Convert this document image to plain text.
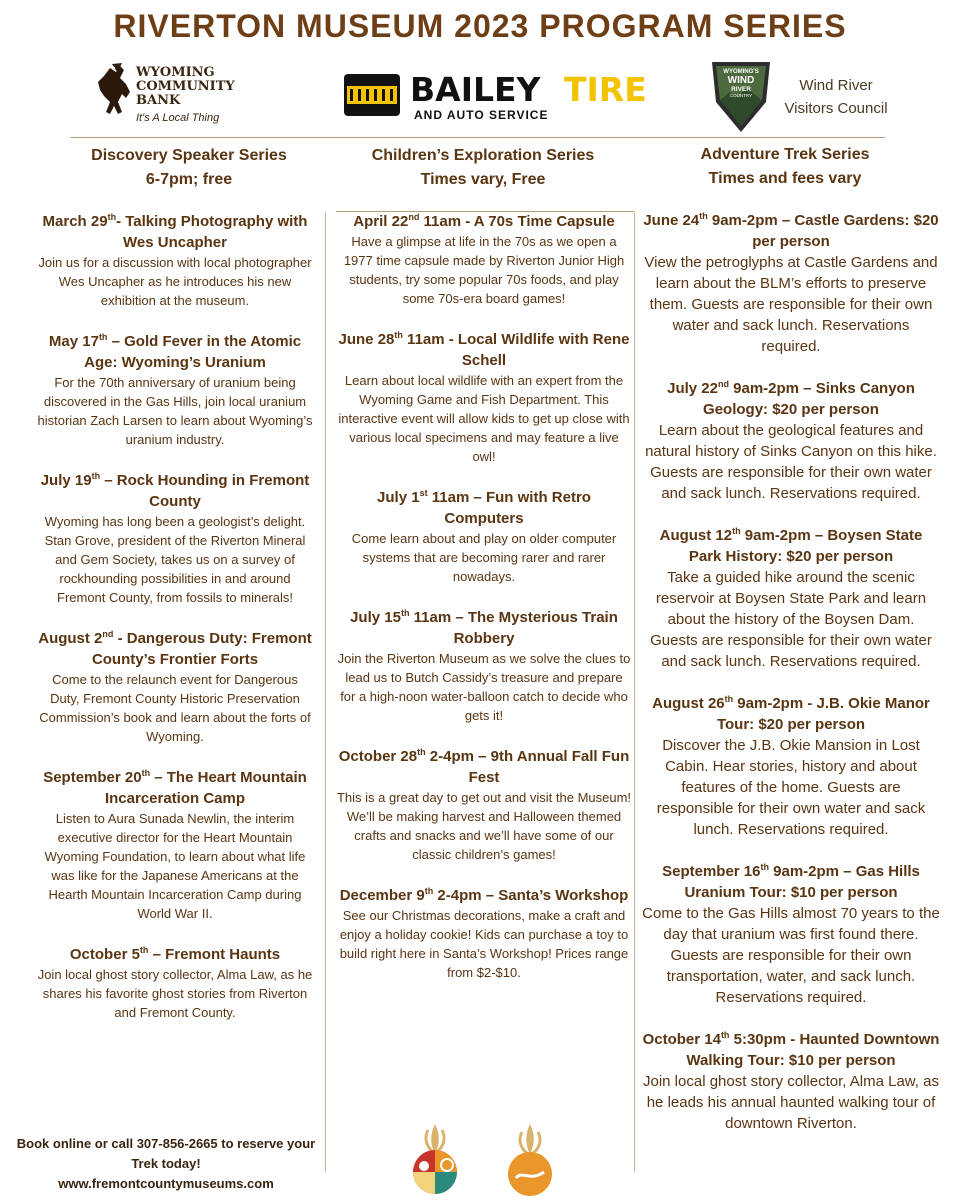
RIVERTON MUSEUM 2023 PROGRAM SERIES
WYOMING
COMMUNITY
BANK
It's A Local Thing
BAILEY TIRE
AND AUTO SERVICE
WYOMING'S
WIND
RIVER
COUNTRY
Wind River
Visitors Council
Discovery Speaker Series
6-7pm; free
Children’s Exploration Series
Times vary, Free
Adventure Trek Series
Times and fees vary
March 29th- Talking Photography with Wes Uncapher
Join us for a discussion with local photographer Wes Uncapher as he introduces his new exhibition at the museum.
May 17th – Gold Fever in the Atomic Age: Wyoming’s Uranium
For the 70th anniversary of uranium being discovered in the Gas Hills, join local uranium historian Zach Larsen to learn about Wyoming’s uranium industry.
July 19th – Rock Hounding in Fremont County
Wyoming has long been a geologist’s delight. Stan Grove, president of the Riverton Mineral and Gem Society, takes us on a survey of rockhounding possibilities in and around Fremont County, from fossils to minerals!
August 2nd - Dangerous Duty: Fremont County’s Frontier Forts
Come to the relaunch event for Dangerous Duty, Fremont County Historic Preservation Commission’s book and learn about the forts of Wyoming.
September 20th – The Heart Mountain Incarceration Camp
Listen to Aura Sunada Newlin, the interim executive director for the Heart Mountain Wyoming Foundation, to learn about what life was like for the Japanese Americans at the Hearth Mountain Incarceration Camp during World War II.
October 5th – Fremont Haunts
Join local ghost story collector, Alma Law, as he shares his favorite ghost stories from Riverton and Fremont County.
April 22nd 11am - A 70s Time Capsule
Have a glimpse at life in the 70s as we open a 1977 time capsule made by Riverton Junior High students, try some popular 70s foods, and play some 70s-era board games!
June 28th 11am - Local Wildlife with Rene Schell
Learn about local wildlife with an expert from the Wyoming Game and Fish Department. This interactive event will allow kids to get up close with various local specimens and may feature a live owl!
July 1st 11am – Fun with Retro Computers
Come learn about and play on older computer systems that are becoming rarer and rarer nowadays.
July 15th 11am – The Mysterious Train Robbery
Join the Riverton Museum as we solve the clues to lead us to Butch Cassidy’s treasure and prepare for a high-noon water-balloon catch to decide who gets it!
October 28th 2-4pm – 9th Annual Fall Fun Fest
This is a great day to get out and visit the Museum! We’ll be making harvest and Halloween themed crafts and snacks and we’ll have some of our classic children’s games!
December 9th 2-4pm – Santa’s Workshop
See our Christmas decorations, make a craft and enjoy a holiday cookie! Kids can purchase a toy to build right here in Santa’s Workshop! Prices range from $2-$10.
June 24th 9am-2pm – Castle Gardens: $20 per person
View the petroglyphs at Castle Gardens and learn about the BLM’s efforts to preserve them. Guests are responsible for their own water and sack lunch. Reservations required.
July 22nd 9am-2pm – Sinks Canyon Geology: $20 per person
Learn about the geological features and natural history of Sinks Canyon on this hike. Guests are responsible for their own water and sack lunch. Reservations required.
August 12th 9am-2pm – Boysen State Park History: $20 per person
Take a guided hike around the scenic reservoir at Boysen State Park and learn about the history of the Boysen Dam. Guests are responsible for their own water and sack lunch. Reservations required.
August 26th 9am-2pm - J.B. Okie Manor Tour: $20 per person
Discover the J.B. Okie Mansion in Lost Cabin. Hear stories, history and about features of the home. Guests are responsible for their own water and sack lunch. Reservations required.
September 16th 9am-2pm – Gas Hills Uranium Tour: $10 per person
Come to the Gas Hills almost 70 years to the day that uranium was first found there. Guests are responsible for their own transportation, water, and sack lunch. Reservations required.
October 14th 5:30pm - Haunted Downtown Walking Tour: $10 per person
Join local ghost story collector, Alma Law, as he leads his annual haunted walking tour of downtown Riverton.
Book online or call 307-856-2665 to reserve your Trek today!
www.fremontcountymuseums.com
